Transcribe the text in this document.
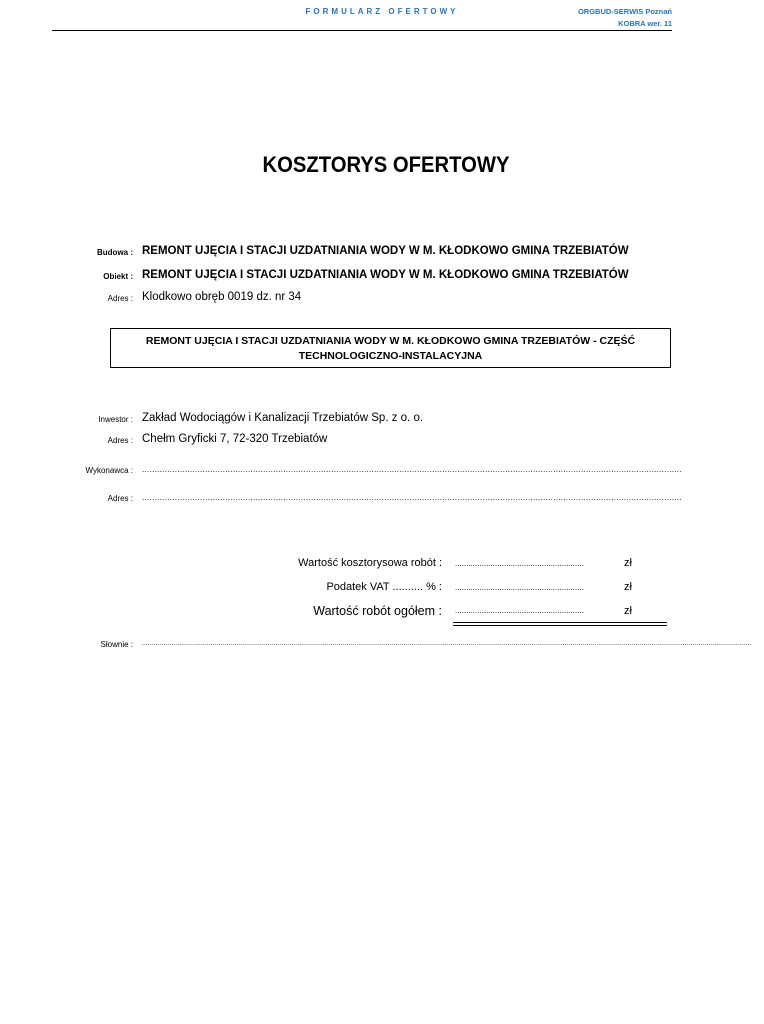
FORMULARZ OFERTOWY	ORGBUD-SERWIS Poznań
KOBRA wer. 11
KOSZTORYS OFERTOWY
Budowa : REMONT UJĘCIA I STACJI UZDATNIANIA WODY W M. KŁODKOWO GMINA TRZEBIATÓW
Obiekt : REMONT UJĘCIA I STACJI UZDATNIANIA WODY W M. KŁODKOWO GMINA TRZEBIATÓW
Adres : Klodkowo obręb 0019 dz. nr 34
REMONT UJĘCIA I STACJI UZDATNIANIA WODY W M. KŁODKOWO GMINA TRZEBIATÓW - CZĘŚĆ TECHNOLOGICZNO-INSTALACYJNA
Inwestor : Zakład Wodociągów i Kanalizacji Trzebiatów Sp. z o. o.
Adres : Chełm Gryficki 7, 72-320 Trzebiatów
Wykonawca : ......................................................................................................................................................................................................................
Adres : ......................................................................................................................................................................................................................
Wartość kosztorysowa robót : ..........................................................	zł
Podatek VAT .......... % : ..........................................................	zł
Wartość robót ogółem : ..........................................................	zł
Słownie : ......................................................................................................................................................................................................................................................................................................................
